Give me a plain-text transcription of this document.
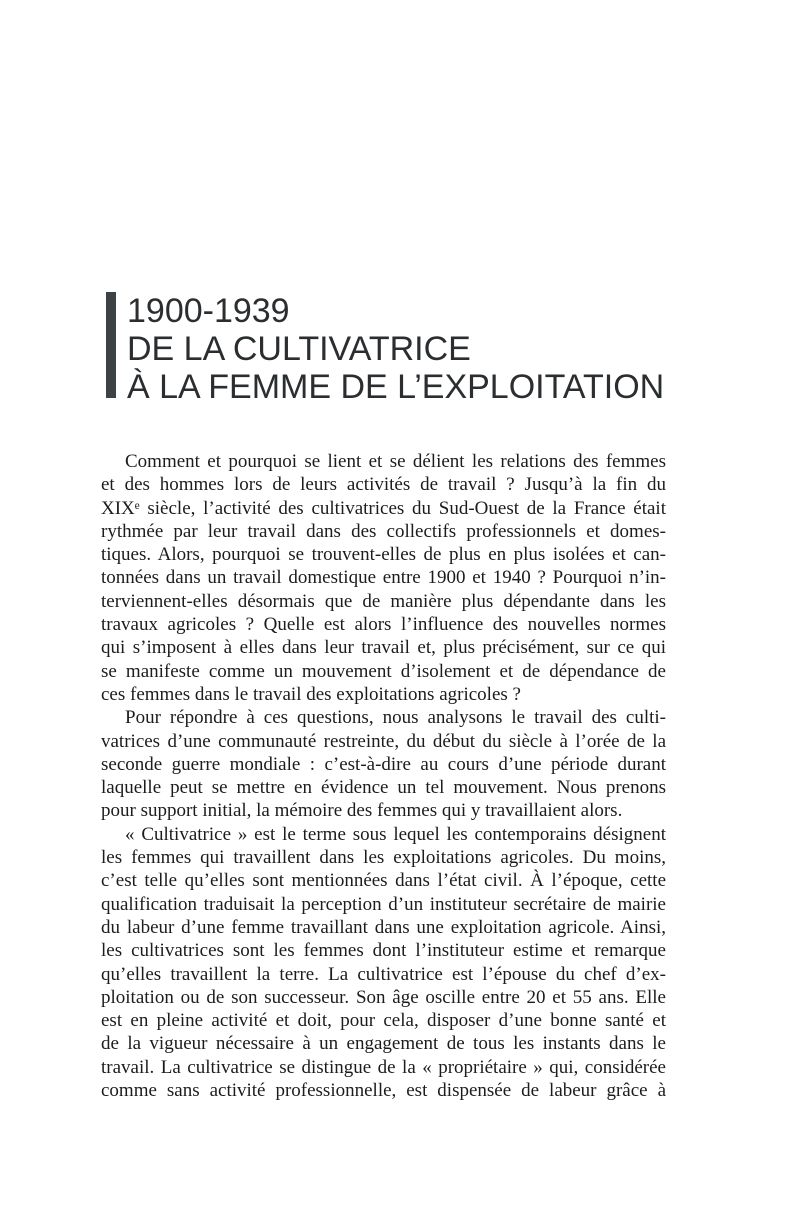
1900-1939
DE LA CULTIVATRICE
À LA FEMME DE L’EXPLOITATION
Comment et pourquoi se lient et se délient les relations des femmes
et des hommes lors de leurs activités de travail ? Jusqu’à la fin du
XIXᵉ siècle, l’activité des cultivatrices du Sud-Ouest de la France était
rythmée par leur travail dans des collectifs professionnels et domes-
tiques. Alors, pourquoi se trouvent-elles de plus en plus isolées et can-
tonnées dans un travail domestique entre 1900 et 1940 ? Pourquoi n’in-
terviennent-elles désormais que de manière plus dépendante dans les
travaux agricoles ? Quelle est alors l’influence des nouvelles normes
qui s’imposent à elles dans leur travail et, plus précisément, sur ce qui
se manifeste comme un mouvement d’isolement et de dépendance de
ces femmes dans le travail des exploitations agricoles ?
Pour répondre à ces questions, nous analysons le travail des culti-
vatrices d’une communauté restreinte, du début du siècle à l’orée de la
seconde guerre mondiale : c’est-à-dire au cours d’une période durant
laquelle peut se mettre en évidence un tel mouvement. Nous prenons
pour support initial, la mémoire des femmes qui y travaillaient alors.
« Cultivatrice » est le terme sous lequel les contemporains désignent
les femmes qui travaillent dans les exploitations agricoles. Du moins,
c’est telle qu’elles sont mentionnées dans l’état civil. À l’époque, cette
qualification traduisait la perception d’un instituteur secrétaire de mairie
du labeur d’une femme travaillant dans une exploitation agricole. Ainsi,
les cultivatrices sont les femmes dont l’instituteur estime et remarque
qu’elles travaillent la terre. La cultivatrice est l’épouse du chef d’ex-
ploitation ou de son successeur. Son âge oscille entre 20 et 55 ans. Elle
est en pleine activité et doit, pour cela, disposer d’une bonne santé et
de la vigueur nécessaire à un engagement de tous les instants dans le
travail. La cultivatrice se distingue de la « propriétaire » qui, considérée
comme sans activité professionnelle, est dispensée de labeur grâce à
